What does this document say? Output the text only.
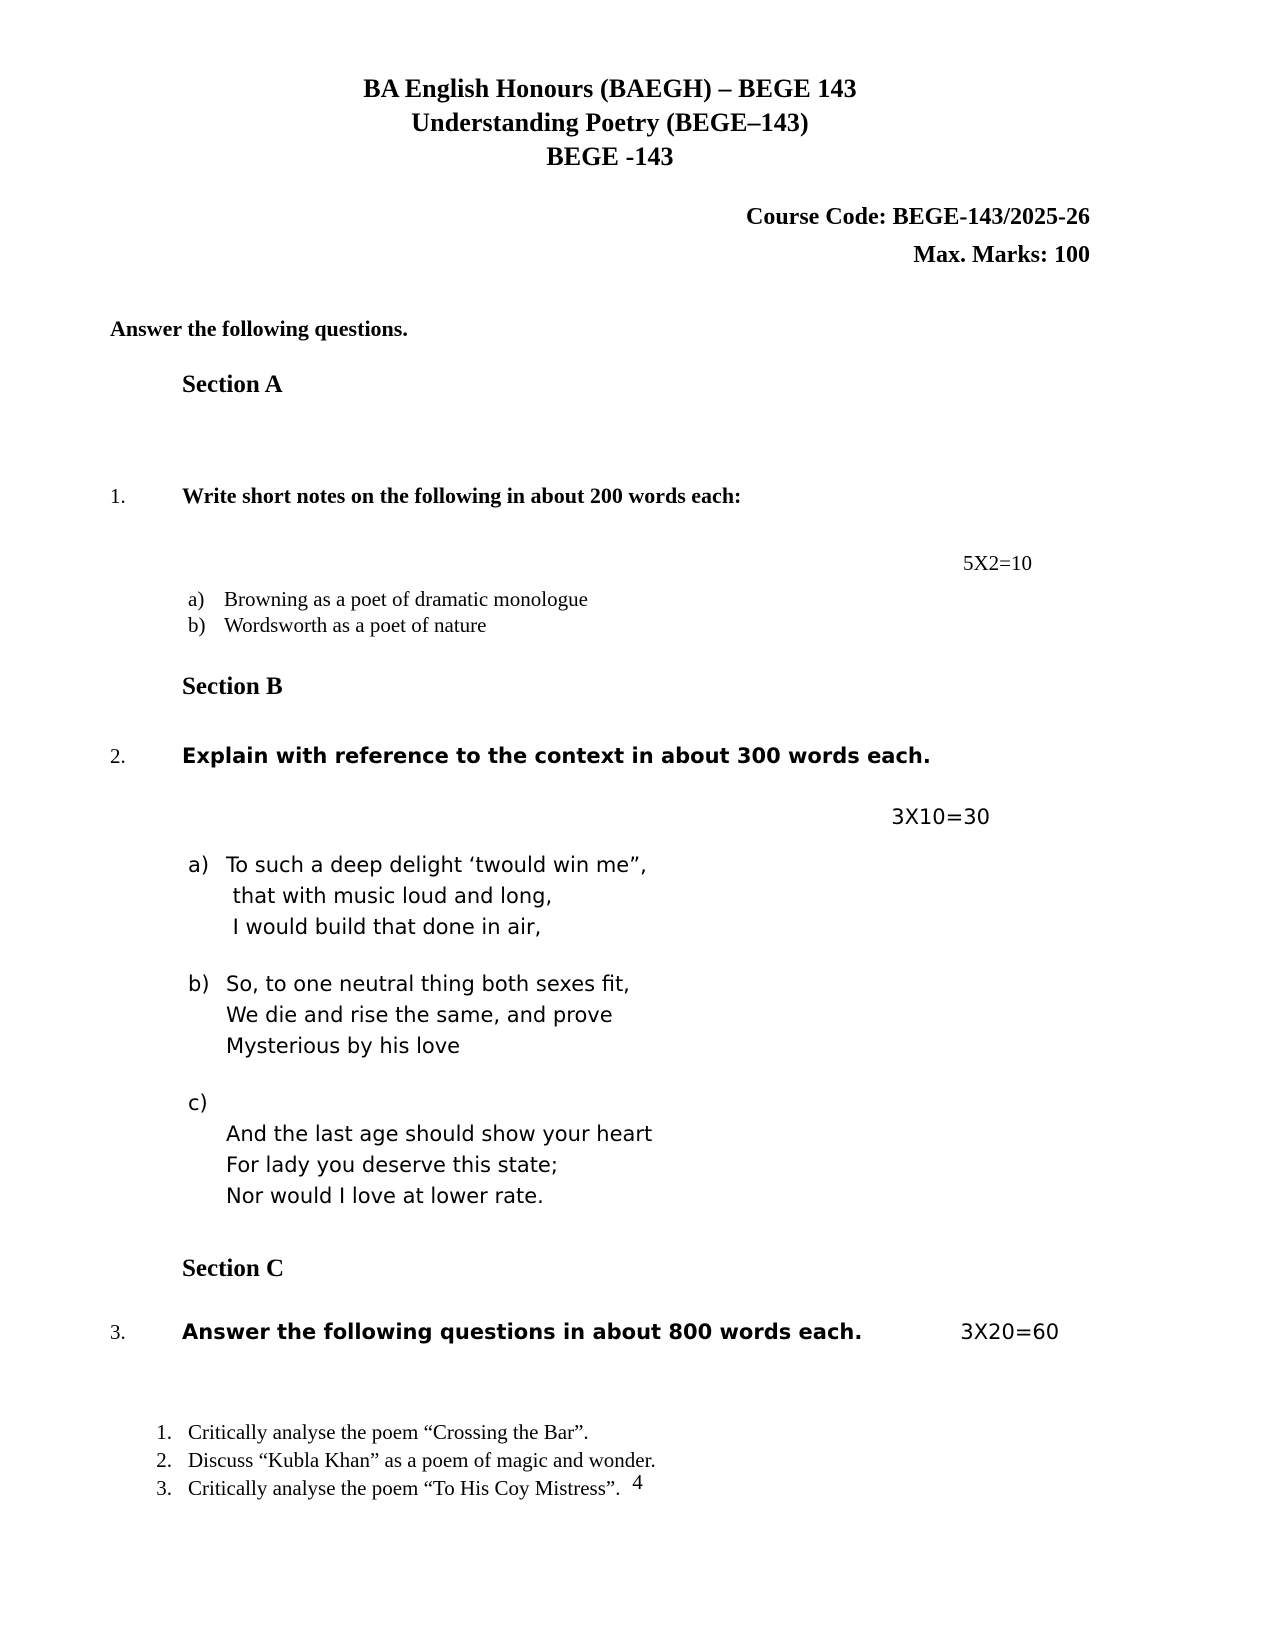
BA English Honours (BAEGH) – BEGE 143
Understanding Poetry (BEGE–143)
BEGE -143
Course Code: BEGE-143/2025-26
Max. Marks: 100
Answer the following questions.
Section A
1.	Write short notes on the following in about 200 words each:
5X2=10
a) Browning as a poet of dramatic monologue
b) Wordsworth as a poet of nature
Section B
2.	Explain with reference to the context in about 300 words each.
3X10=30
a) To such a deep delight ‘twould win me”,
that with music loud and long,
I would build that done in air,
b) So, to one neutral thing both sexes fit,
We die and rise the same, and prove
Mysterious by his love
c)
And the last age should show your heart
For lady you deserve this state;
Nor would I love at lower rate.
Section C
3.	Answer the following questions in about 800 words each.	3X20=60
1. Critically analyse the poem “Crossing the Bar”.
2. Discuss “Kubla Khan” as a poem of magic and wonder.
3. Critically analyse the poem “To His Coy Mistress”. 4
